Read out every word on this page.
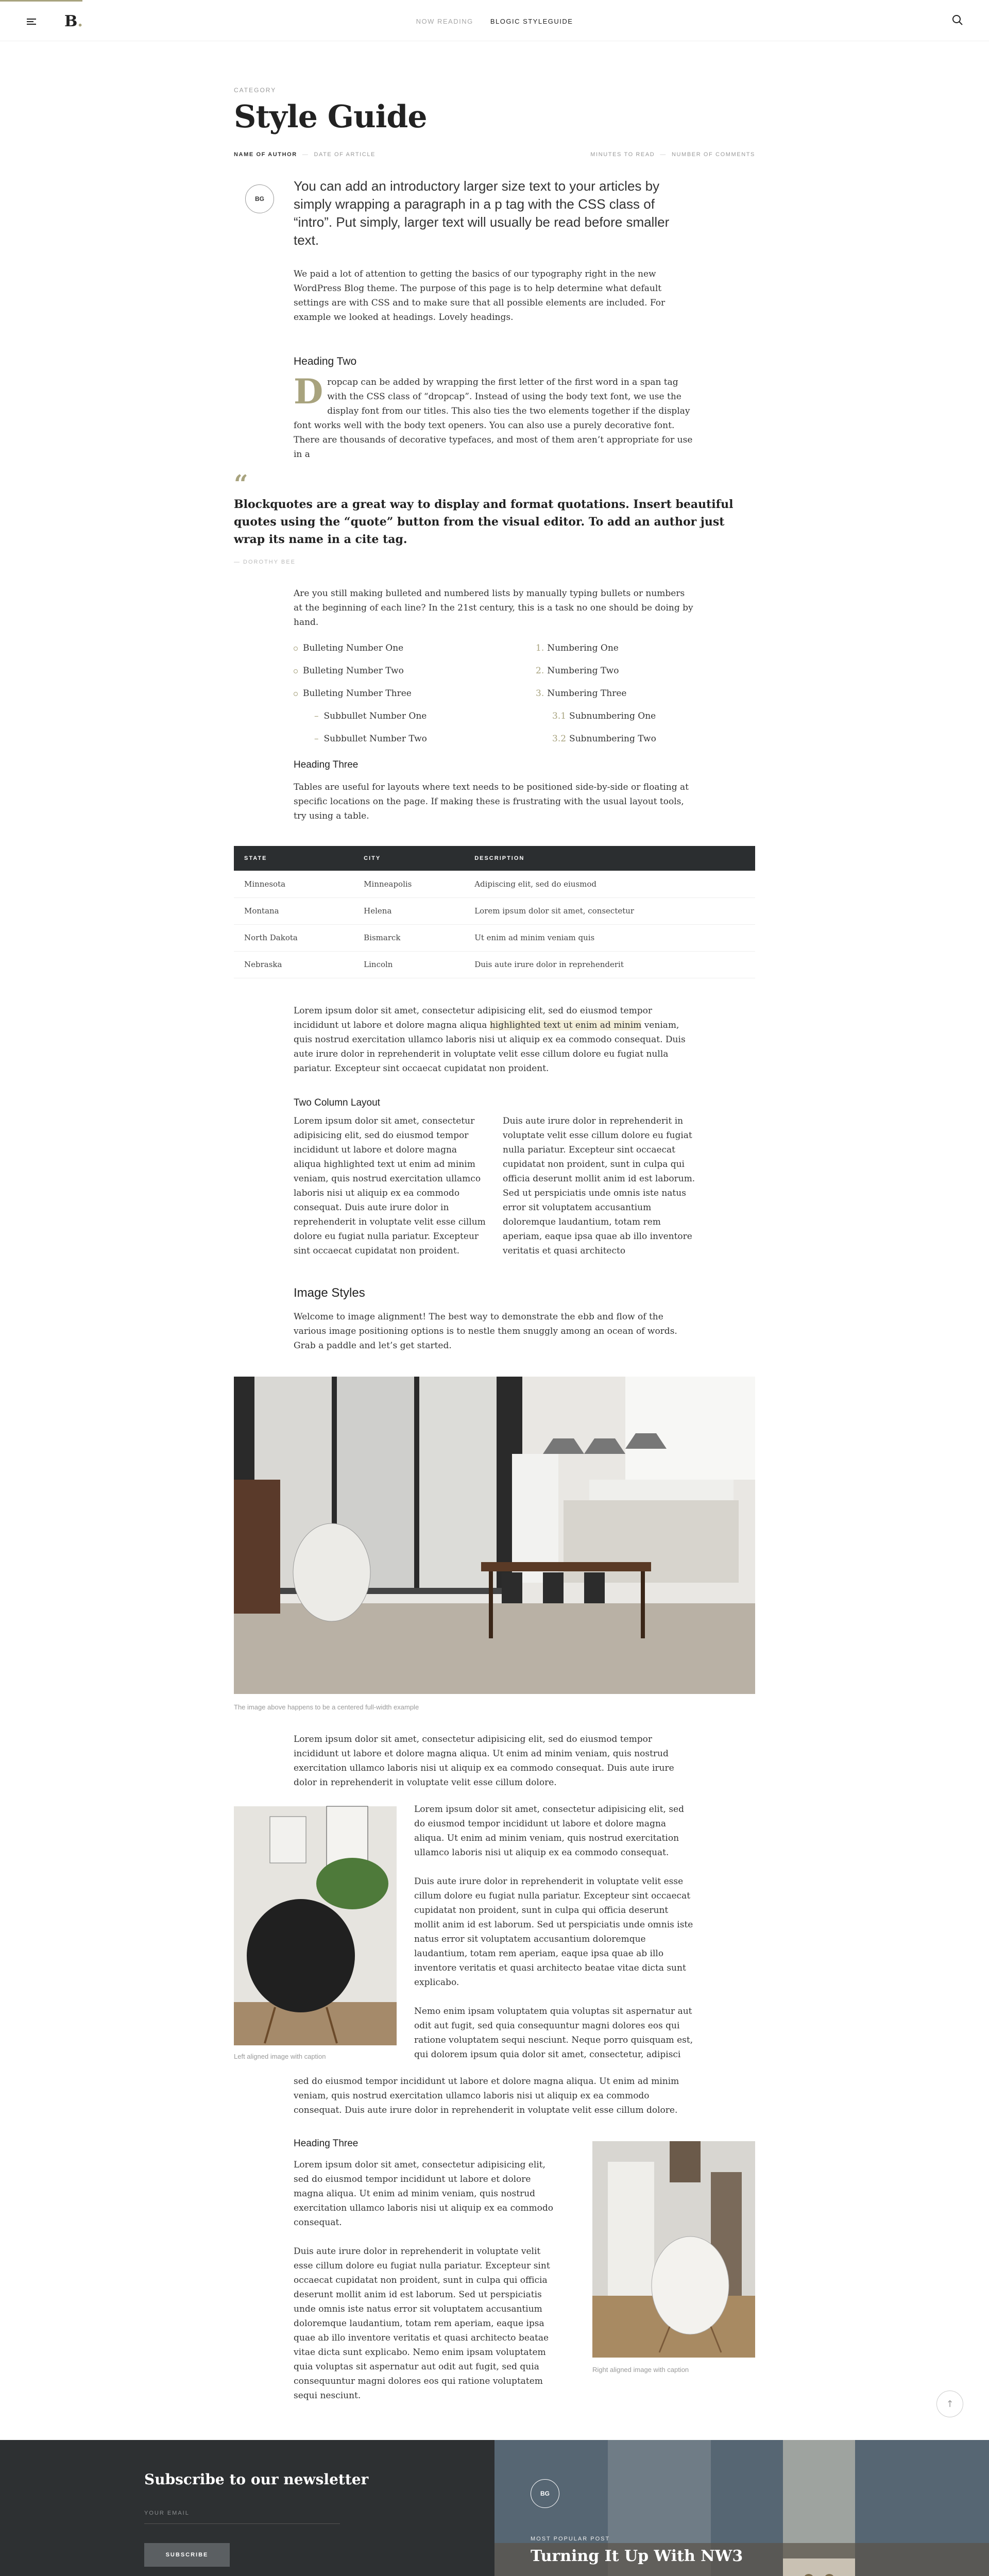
B.	NOW READING	BLOGIC STYLEGUIDE
CATEGORY
Style Guide
NAME OF AUTHOR — DATE OF ARTICLE	MINUTES TO READ — NUMBER OF COMMENTS
BG

You can add an introductory larger size text to your articles by simply wrapping a paragraph in a p tag with the CSS class of “intro”. Put simply, larger text will usually be read before smaller text.

We paid a lot of attention to getting the basics of our typography right in the new WordPress Blog theme. The purpose of this page is to help determine what default settings are with CSS and to make sure that all possible elements are included. For example we looked at headings. Lovely headings.

Heading Two
Dropcap can be added by wrapping the first letter of the first word in a span tag with the CSS class of “dropcap”. Instead of using the body text font, we use the display font from our titles. This also ties the two elements together if the display font works well with the body text openers. You can also use a purely decorative font. There are thousands of decorative typefaces, and most of them aren’t appropriate for use in a
“
Blockquotes are a great way to display and format quotations. Insert beautiful quotes using the “quote” button from the visual editor. To add an author just wrap its name in a cite tag.
— DOROTHY BEE

Are you still making bulleted and numbered lists by manually typing bullets or numbers at the beginning of each line? In the 21st century, this is a task no one should be doing by hand.

Bulleting Number One
Bulleting Number Two
Bulleting Number Three
– Subbullet Number One
– Subbullet Number Two
1. Numbering One
2. Numbering Two
3. Numbering Three
3.1 Subnumbering One
3.2 Subnumbering Two
Heading Three

Tables are useful for layouts where text needs to be positioned side-by-side or floating at specific locations on the page. If making these is frustrating with the usual layout tools, try using a table.

STATE	CITY	DESCRIPTION
Minnesota	Minneapolis	Adipiscing elit, sed do eiusmod
Montana	Helena	Lorem ipsum dolor sit amet, consectetur
North Dakota	Bismarck	Ut enim ad minim veniam quis
Nebraska	Lincoln	Duis aute irure dolor in reprehenderit

Lorem ipsum dolor sit amet, consectetur adipisicing elit, sed do eiusmod tempor incididunt ut labore et dolore magna aliqua highlighted text ut enim ad minim veniam, quis nostrud exercitation ullamco laboris nisi ut aliquip ex ea commodo consequat. Duis aute irure dolor in reprehenderit in voluptate velit esse cillum dolore eu fugiat nulla pariatur. Excepteur sint occaecat cupidatat non proident.

Two Column Layout
Lorem ipsum dolor sit amet, consectetur adipisicing elit, sed do eiusmod tempor incididunt ut labore et dolore magna aliqua highlighted text ut enim ad minim veniam, quis nostrud exercitation ullamco laboris nisi ut aliquip ex ea commodo consequat. Duis aute irure dolor in reprehenderit in voluptate velit esse cillum dolore eu fugiat nulla pariatur. Excepteur sint occaecat cupidatat non proident.
Duis aute irure dolor in reprehenderit in voluptate velit esse cillum dolore eu fugiat nulla pariatur. Excepteur sint occaecat cupidatat non proident, sunt in culpa qui officia deserunt mollit anim id est laborum. Sed ut perspiciatis unde omnis iste natus error sit voluptatem accusantium doloremque laudantium, totam rem aperiam, eaque ipsa quae ab illo inventore veritatis et quasi architecto
Image Styles

Welcome to image alignment! The best way to demonstrate the ebb and flow of the various image positioning options is to nestle them snuggly among an ocean of words. Grab a paddle and let’s get started.

The image above happens to be a centered full-width example

Lorem ipsum dolor sit amet, consectetur adipisicing elit, sed do eiusmod tempor incididunt ut labore et dolore magna aliqua. Ut enim ad minim veniam, quis nostrud exercitation ullamco laboris nisi ut aliquip ex ea commodo consequat. Duis aute irure dolor in reprehenderit in voluptate velit esse cillum dolore.

Left aligned image with caption

Lorem ipsum dolor sit amet, consectetur adipisicing elit, sed do eiusmod tempor incididunt ut labore et dolore magna aliqua. Ut enim ad minim veniam, quis nostrud exercitation ullamco laboris nisi ut aliquip ex ea commodo consequat.

Duis aute irure dolor in reprehenderit in voluptate velit esse cillum dolore eu fugiat nulla pariatur. Excepteur sint occaecat cupidatat non proident, sunt in culpa qui officia deserunt mollit anim id est laborum. Sed ut perspiciatis unde omnis iste natus error sit voluptatem accusantium doloremque laudantium, totam rem aperiam, eaque ipsa quae ab illo inventore veritatis et quasi architecto beatae vitae dicta sunt explicabo.

Nemo enim ipsam voluptatem quia voluptas sit aspernatur aut odit aut fugit, sed quia consequuntur magni dolores eos qui ratione voluptatem sequi nesciunt. Neque porro quisquam est, qui dolorem ipsum quia dolor sit amet, consectetur, adipisci

sed do eiusmod tempor incididunt ut labore et dolore magna aliqua. Ut enim ad minim veniam, quis nostrud exercitation ullamco laboris nisi ut aliquip ex ea commodo consequat. Duis aute irure dolor in reprehenderit in voluptate velit esse cillum dolore.

Heading Three

Lorem ipsum dolor sit amet, consectetur adipisicing elit, sed do eiusmod tempor incididunt ut labore et dolore magna aliqua. Ut enim ad minim veniam, quis nostrud exercitation ullamco laboris nisi ut aliquip ex ea commodo consequat.

Duis aute irure dolor in reprehenderit in voluptate velit esse cillum dolore eu fugiat nulla pariatur. Excepteur sint occaecat cupidatat non proident, sunt in culpa qui officia deserunt mollit anim id est laborum. Sed ut perspiciatis unde omnis iste natus error sit voluptatem accusantium doloremque laudantium, totam rem aperiam, eaque ipsa quae ab illo inventore veritatis et quasi architecto beatae vitae dicta sunt explicabo. Nemo enim ipsam voluptatem quia voluptas sit aspernatur aut odit aut fugit, sed quia consequuntur magni dolores eos qui ratione voluptatem sequi nesciunt.

Right aligned image with caption
↑
Subscribe to our newsletter
YOUR EMAIL
SUBSCRIBE
BG
MOST POPULAR POST
Turning It Up With NW3
